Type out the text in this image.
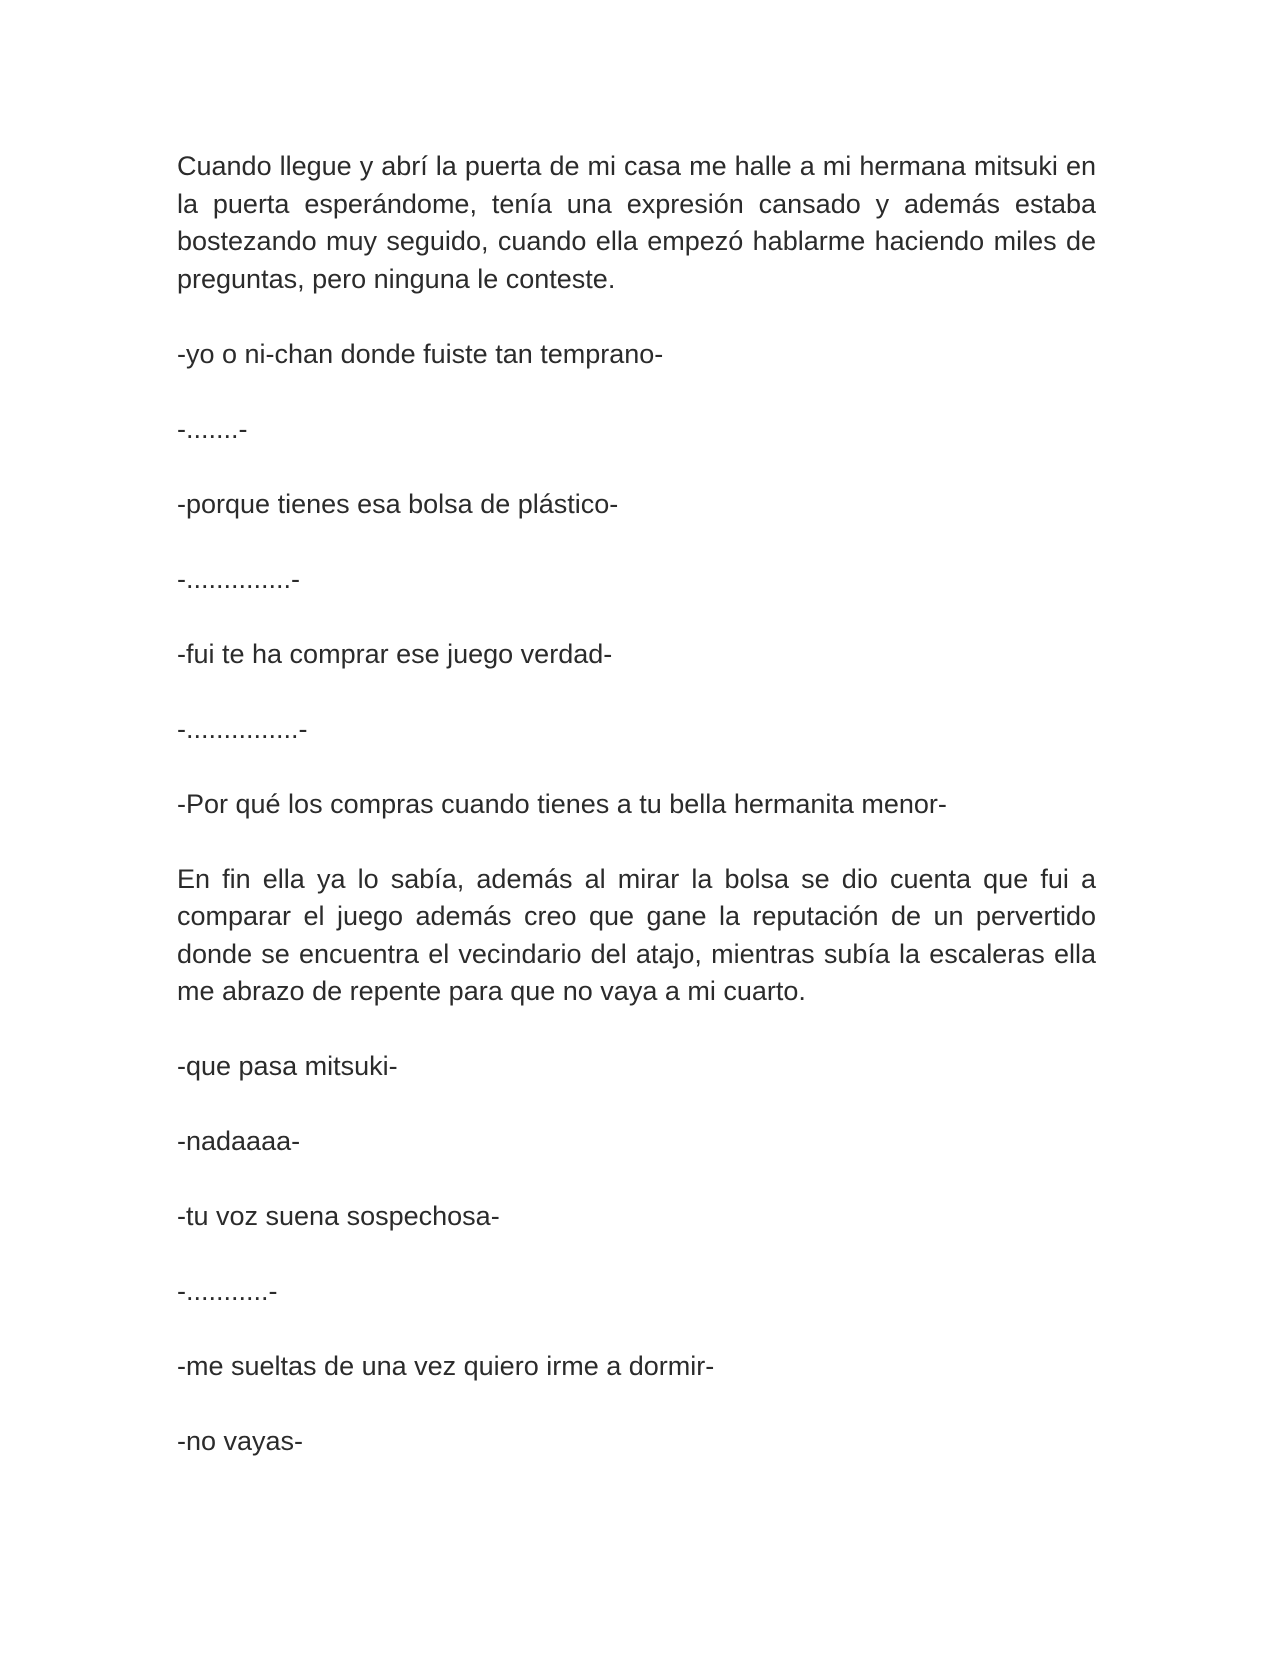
Cuando llegue y abrí la puerta de mi casa me halle a mi hermana mitsuki en la puerta esperándome, tenía una expresión cansado y además estaba bostezando muy seguido, cuando ella empezó hablarme haciendo miles de preguntas, pero ninguna le conteste.

-yo o ni-chan donde fuiste tan temprano-

-.......-

-porque tienes esa bolsa de plástico-

-..............-

-fui te ha comprar ese juego verdad-

-...............-

-Por qué los compras cuando tienes a tu bella hermanita menor-

En fin ella ya lo sabía, además al mirar la bolsa se dio cuenta que fui a comparar el juego además creo que gane la reputación de un pervertido donde se encuentra el vecindario del atajo, mientras subía la escaleras ella me abrazo de repente para que no vaya a mi cuarto.

-que pasa mitsuki-

-nadaaaa-

-tu voz suena sospechosa-

-...........-

-me sueltas de una vez quiero irme a dormir-

-no vayas-
